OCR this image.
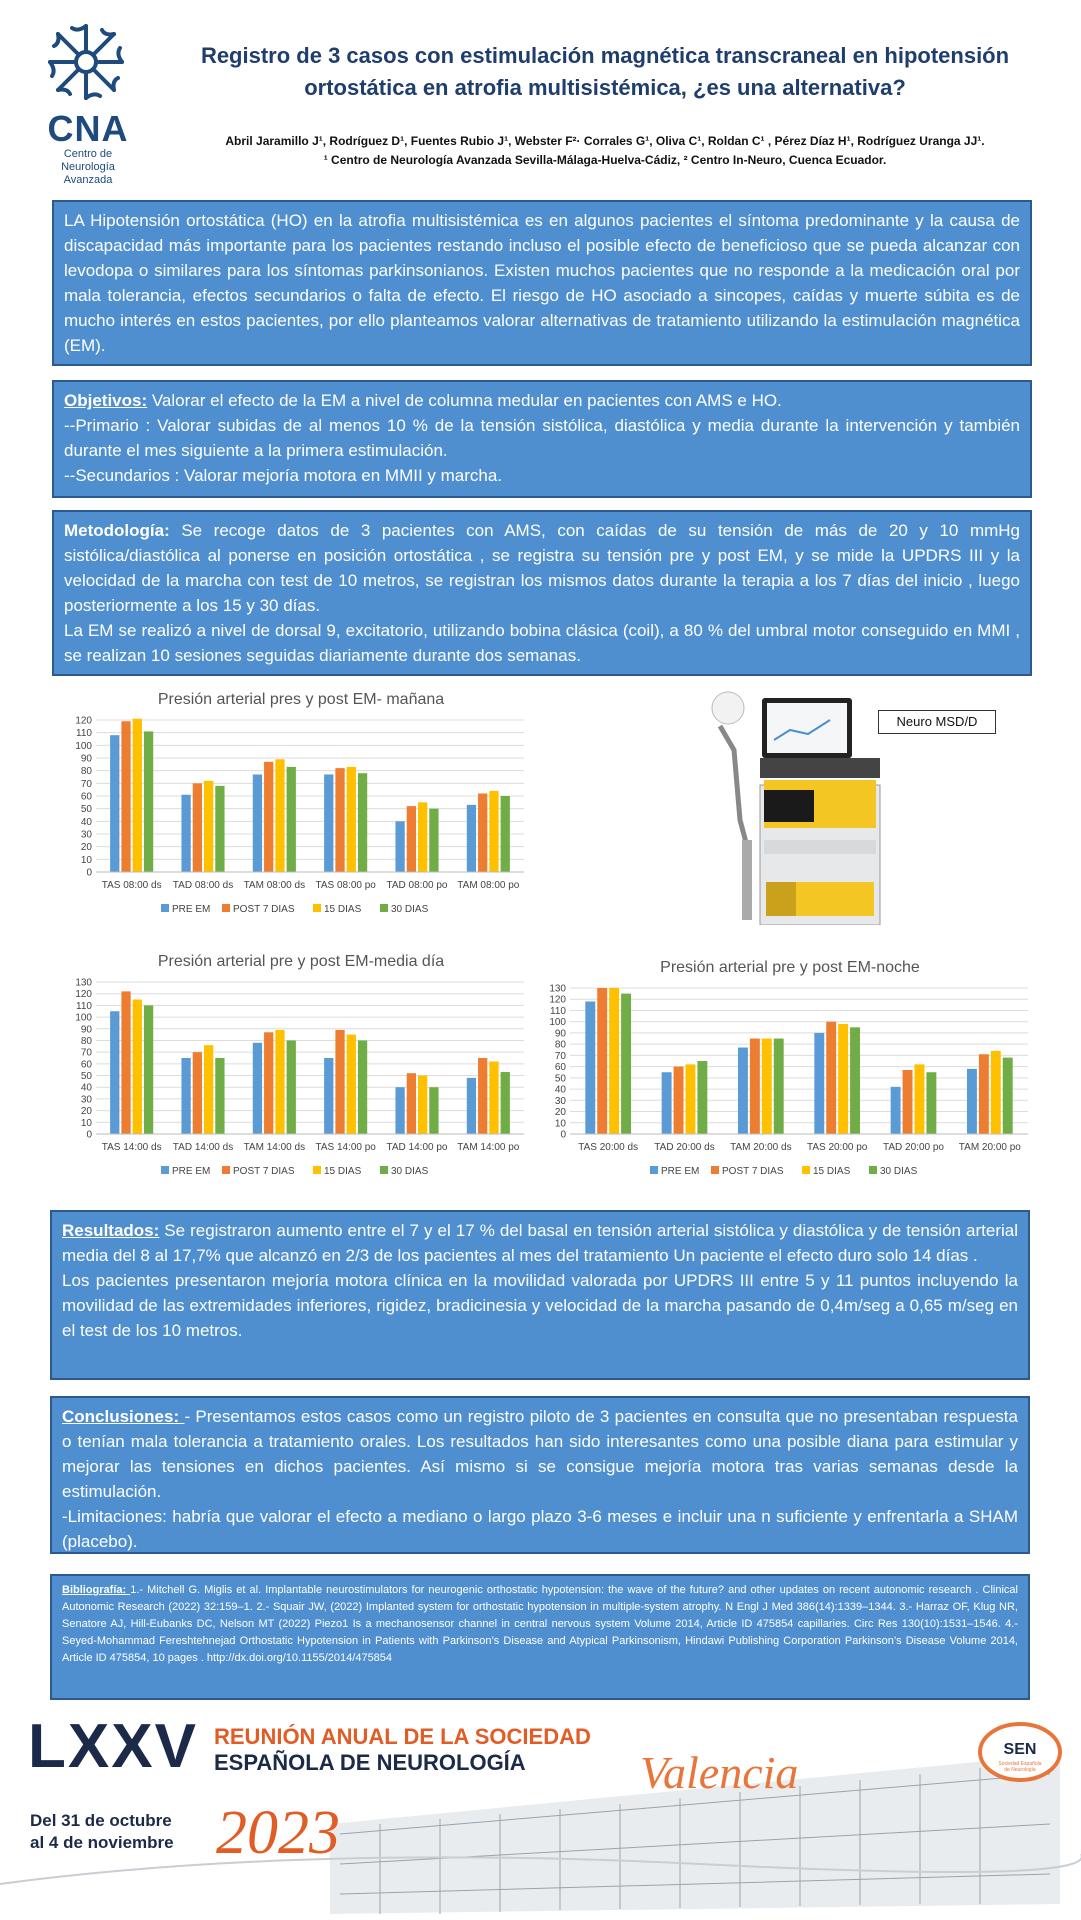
CNA
Centro de
Neurología
Avanzada
Registro de 3 casos con estimulación magnética transcraneal en hipotensión
ortostática en atrofia multisistémica, ¿es una alternativa?
Abril Jaramillo J¹, Rodríguez D¹, Fuentes Rubio J¹, Webster F²· Corrales G¹, Oliva C¹, Roldan C¹ , Pérez Díaz H¹, Rodríguez Uranga JJ¹.
¹ Centro de Neurología Avanzada Sevilla-Málaga-Huelva-Cádiz, ² Centro In-Neuro, Cuenca Ecuador.

LA Hipotensión ortostática (HO) en la atrofia multisistémica es en algunos pacientes el síntoma predominante y la causa de discapacidad más importante para los pacientes restando incluso el posible efecto de beneficioso que se pueda alcanzar con levodopa o similares para los síntomas parkinsonianos. Existen muchos pacientes que no responde a la medicación oral por mala tolerancia, efectos secundarios o falta de efecto. El riesgo de HO asociado a sincopes, caídas y muerte súbita es de mucho interés en estos pacientes, por ello planteamos valorar alternativas de tratamiento utilizando la estimulación magnética (EM).

Objetivos: Valorar el efecto de la EM a nivel de columna medular en pacientes con AMS e HO.

--Primario : Valorar subidas de al menos 10 % de la tensión sistólica, diastólica y media durante la intervención y también durante el mes siguiente a la primera estimulación.

--Secundarios : Valorar mejoría motora en MMII y marcha.

Metodología: Se recoge datos de 3 pacientes con AMS, con caídas de su tensión de más de 20 y 10 mmHg sistólica/diastólica al ponerse en posición ortostática , se registra su tensión pre y post EM, y se mide la UPDRS III y la velocidad de la marcha con test de 10 metros, se registran los mismos datos durante la terapia a los 7 días del inicio , luego posteriormente a los 15 y 30 días.

La EM se realizó a nivel de dorsal 9, excitatorio, utilizando bobina clásica (coil), a 80 % del umbral motor conseguido en MMI , se realizan 10 sesiones seguidas diariamente durante dos semanas.

Presión arterial pres y post EM- mañana
0
10
20
30
40
50
60
70
80
90
100
110
120
TAS 08:00 ds TAD 08:00 ds TAM 08:00 ds TAS 08:00 po TAD 08:00 po TAM 08:00 po
PRE EM POST 7 DIAS	15 DIAS	30 DIAS
Presión arterial pre y post EM-media día
0
10
20
30
40
50
60
70
80
90
100
110
120
130
TAS 14:00 ds TAD 14:00 ds TAM 14:00 ds TAS 14:00 po TAD 14:00 po TAM 14:00 po
PRE EM POST 7 DIAS	15 DIAS	30 DIAS
Presión arterial pre y post EM-noche
0
10
20
30
40
50
60
70
80
90
100
110
120
130
TAS 20:00 ds TAD 20:00 ds TAM 20:00 ds TAS 20:00 po TAD 20:00 po TAM 20:00 po
PRE EM POST 7 DIAS	15 DIAS	30 DIAS
Neuro MSD/D

Resultados: Se registraron aumento entre el 7 y el 17 % del basal en tensión arterial sistólica y diastólica y de tensión arterial media del 8 al 17,7% que alcanzó en 2/3 de los pacientes al mes del tratamiento Un paciente el efecto duro solo 14 días .

Los pacientes presentaron mejoría motora clínica en la movilidad valorada por UPDRS III entre 5 y 11 puntos incluyendo la movilidad de las extremidades inferiores, rigidez, bradicinesia y velocidad de la marcha pasando de 0,4m/seg a 0,65 m/seg en el test de los 10 metros.

Conclusiones: - Presentamos estos casos como un registro piloto de 3 pacientes en consulta que no presentaban respuesta o tenían mala tolerancia a tratamiento orales. Los resultados han sido interesantes como una posible diana para estimular y mejorar las tensiones en dichos pacientes. Así mismo si se consigue mejoría motora tras varias semanas desde la estimulación.

-Limitaciones: habría que valorar el efecto a mediano o largo plazo 3-6 meses e incluir una n suficiente y enfrentarla a SHAM (placebo).

Bibliografía: 1.- Mitchell G. Miglis et al. Implantable neurostimulators for neurogenic orthostatic hypotension: the wave of the future? and other updates on recent autonomic research . Clinical Autonomic Research (2022) 32:159–1. 2.- Squair JW, (2022) Implanted system for orthostatic hypotension in multiple-system atrophy. N Engl J Med 386(14):1339–1344. 3.- Harraz OF, Klug NR, Senatore AJ, Hill-Eubanks DC, Nelson MT (2022) Piezo1 Is a mechanosensor channel in central nervous system Volume 2014, Article ID 475854 capillaries. Circ Res 130(10):1531–1546. 4.- Seyed-Mohammad Fereshtehnejad Orthostatic Hypotension in Patients with Parkinson’s Disease and Atypical Parkinsonism, Hindawi Publishing Corporation Parkinson’s Disease Volume 2014, Article ID 475854, 10 pages . http://dx.doi.org/10.1155/2014/475854
LXXV REUNIÓN ANUAL DE LA SOCIEDAD
ESPAÑOLA DE NEUROLOGÍA Valencia
Del 31 de octubre
al 4 de noviembre 2023
SEN
Sociedad Española
de Neurología
